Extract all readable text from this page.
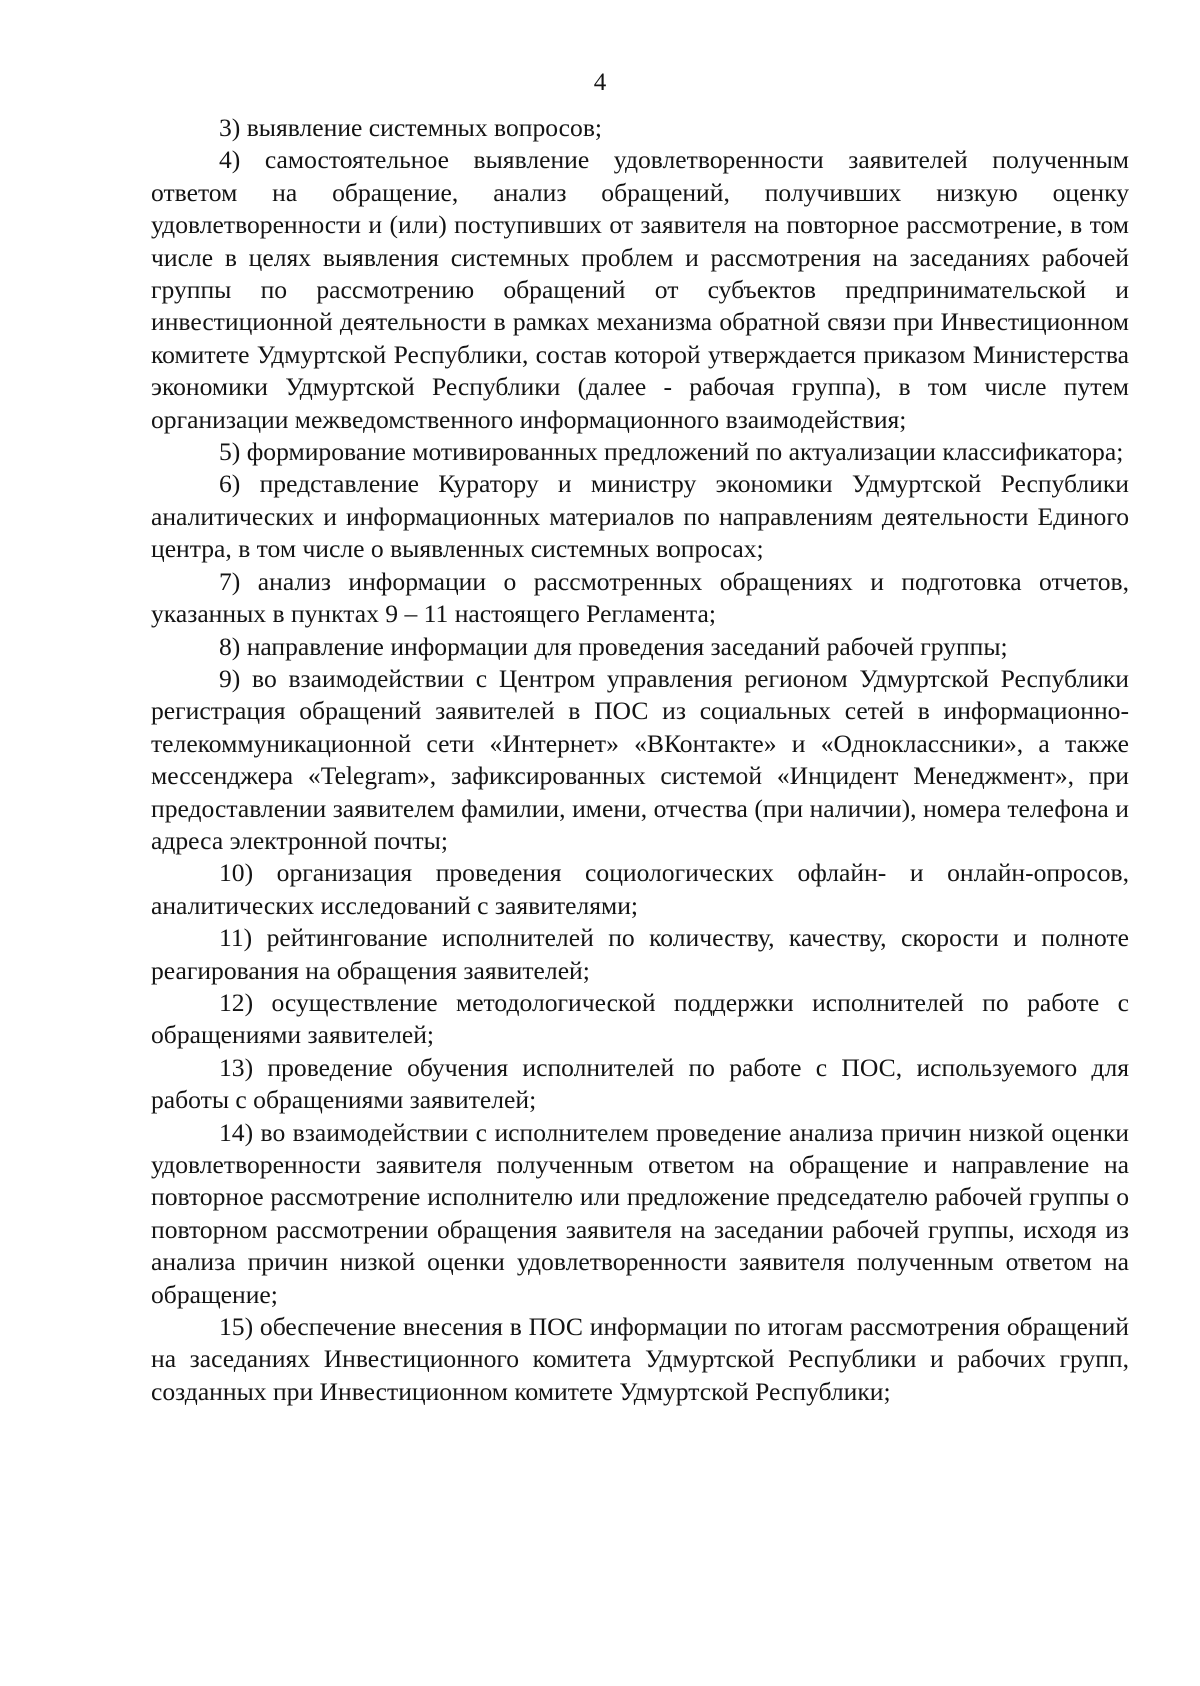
4

3) выявление системных вопросов;

4) самостоятельное выявление удовлетворенности заявителей полученным ответом на обращение, анализ обращений, получивших низкую оценку удовлетворенности и (или) поступивших от заявителя на повторное рассмотрение, в том числе в целях выявления системных проблем и рассмотрения на заседаниях рабочей группы по рассмотрению обращений от субъектов предпринимательской и инвестиционной деятельности в рамках механизма обратной связи при Инвестиционном комитете Удмуртской Республики, состав которой утверждается приказом Министерства экономики Удмуртской Республики (далее - рабочая группа), в том числе путем организации межведомственного информационного взаимодействия;

5) формирование мотивированных предложений по актуализации классификатора;

6) представление Куратору и министру экономики Удмуртской Республики аналитических и информационных материалов по направлениям деятельности Единого центра, в том числе о выявленных системных вопросах;

7) анализ информации о рассмотренных обращениях и подготовка отчетов, указанных в пунктах 9 – 11 настоящего Регламента;

8) направление информации для проведения заседаний рабочей группы;

9) во взаимодействии с Центром управления регионом Удмуртской Республики регистрация обращений заявителей в ПОС из социальных сетей в информационно-телекоммуникационной сети «Интернет» «ВКонтакте» и «Одноклассники», а также мессенджера «Telegram», зафиксированных системой «Инцидент Менеджмент», при предоставлении заявителем фамилии, имени, отчества (при наличии), номера телефона и адреса электронной почты;

10) организация проведения социологических офлайн- и онлайн-опросов, аналитических исследований с заявителями;

11) рейтингование исполнителей по количеству, качеству, скорости и полноте реагирования на обращения заявителей;

12) осуществление методологической поддержки исполнителей по работе с обращениями заявителей;

13) проведение обучения исполнителей по работе с ПОС, используемого для работы с обращениями заявителей;

14) во взаимодействии с исполнителем проведение анализа причин низкой оценки удовлетворенности заявителя полученным ответом на обращение и направление на повторное рассмотрение исполнителю или предложение председателю рабочей группы о повторном рассмотрении обращения заявителя на заседании рабочей группы, исходя из анализа причин низкой оценки удовлетворенности заявителя полученным ответом на обращение;

15) обеспечение внесения в ПОС информации по итогам рассмотрения обращений на заседаниях Инвестиционного комитета Удмуртской Республики и рабочих групп, созданных при Инвестиционном комитете Удмуртской Республики;
